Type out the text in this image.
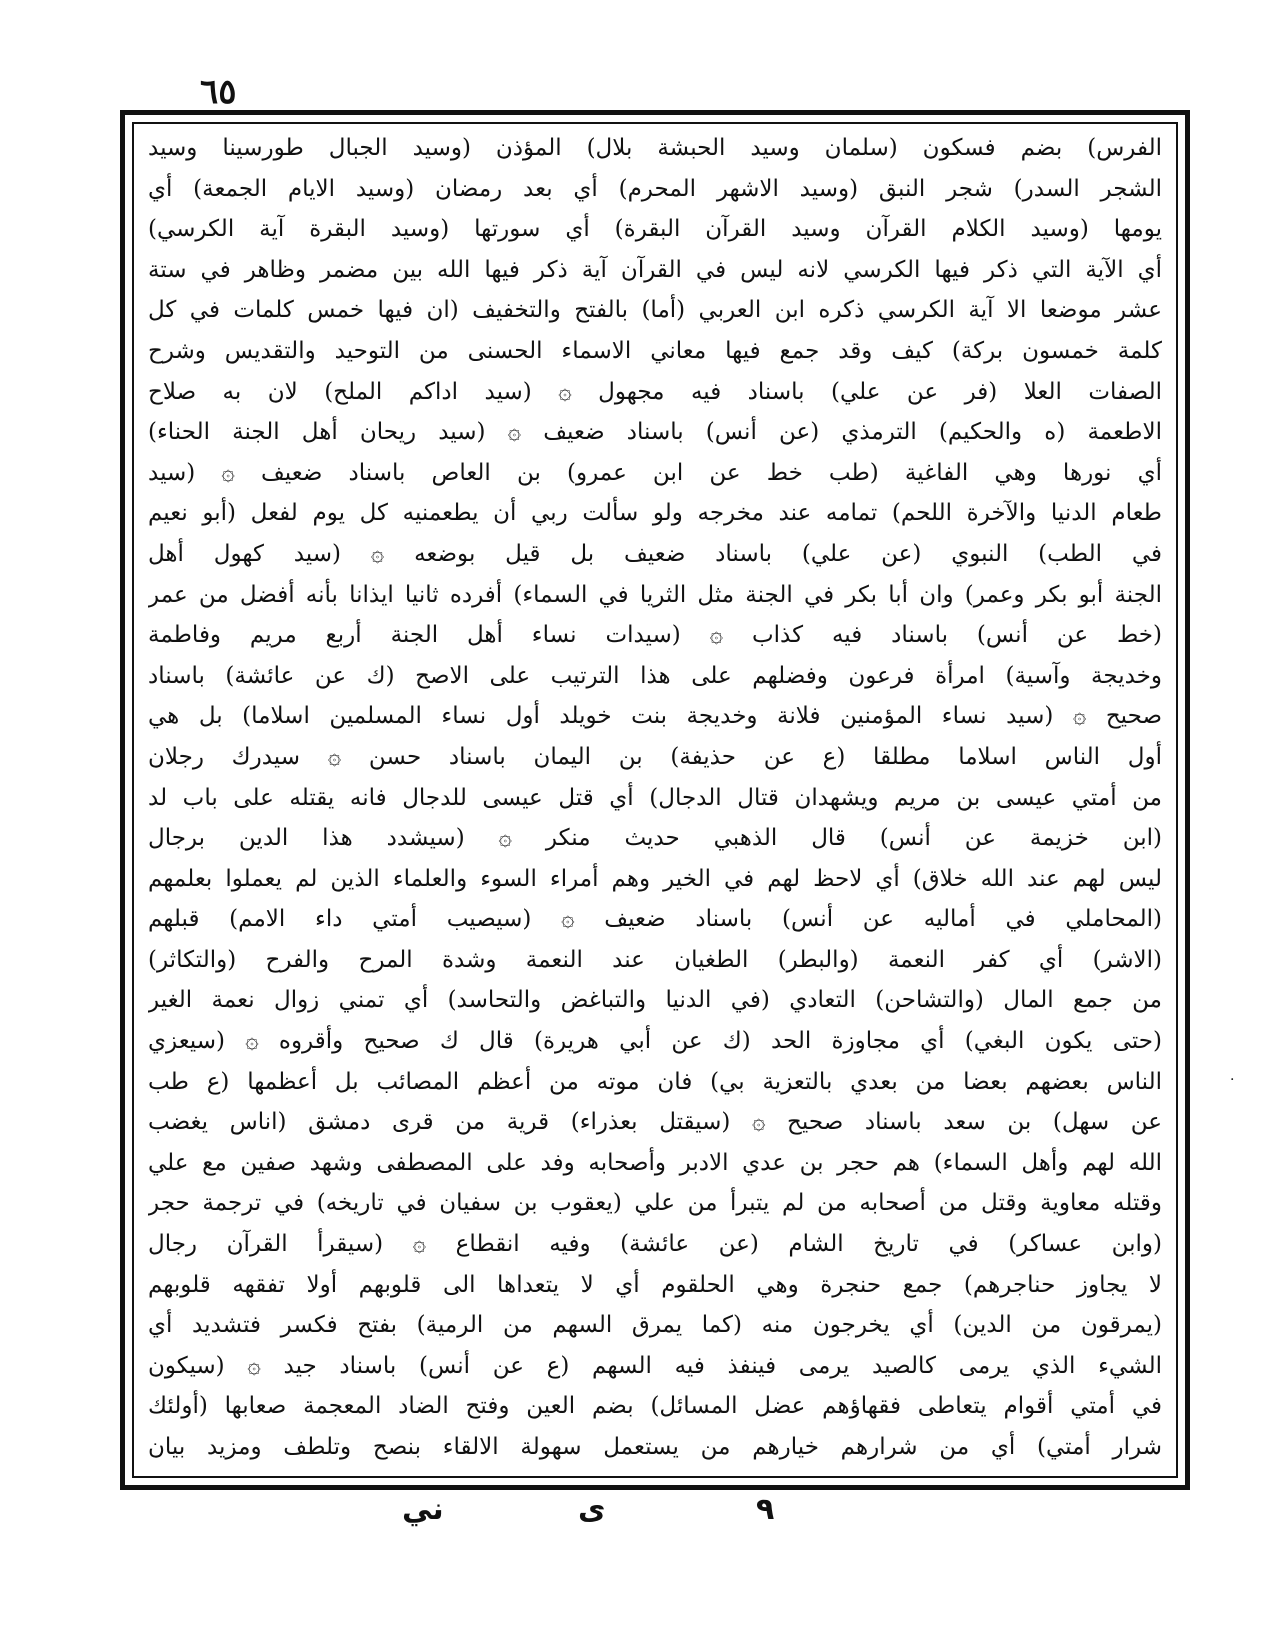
٦٥
الفرس) بضم فسكون (سلمان وسيد الحبشة بلال) المؤذن (وسيد الجبال طورسينا وسيد
الشجر السدر) شجر النبق (وسيد الاشهر المحرم) أي بعد رمضان (وسيد الايام الجمعة) أي
يومها (وسيد الكلام القرآن وسيد القرآن البقرة) أي سورتها (وسيد البقرة آية الكرسي)
أي الآية التي ذكر فيها الكرسي لانه ليس في القرآن آية ذكر فيها الله بين مضمر وظاهر في ستة
عشر موضعا الا آية الكرسي ذكره ابن العربي (أما) بالفتح والتخفيف (ان فيها خمس كلمات في كل
كلمة خمسون بركة) كيف وقد جمع فيها معاني الاسماء الحسنى من التوحيد والتقديس وشرح
الصفات العلا (فر عن علي) باسناد فيه مجهول ۞ (سيد اداكم الملح) لان به صلاح
الاطعمة (ه والحكيم) الترمذي (عن أنس) باسناد ضعيف ۞ (سيد ريحان أهل الجنة الحناء)
أي نورها وهي الفاغية (طب خط عن ابن عمرو) بن العاص باسناد ضعيف ۞ (سيد
طعام الدنيا والآخرة اللحم) تمامه عند مخرجه ولو سألت ربي أن يطعمنيه كل يوم لفعل (أبو نعيم
في الطب) النبوي (عن علي) باسناد ضعيف بل قيل بوضعه ۞ (سيد كهول أهل
الجنة أبو بكر وعمر) وان أبا بكر في الجنة مثل الثريا في السماء) أفرده ثانيا ايذانا بأنه أفضل من عمر
(خط عن أنس) باسناد فيه كذاب ۞ (سيدات نساء أهل الجنة أربع مريم وفاطمة
وخديجة وآسية) امرأة فرعون وفضلهم على هذا الترتيب على الاصح (ك عن عائشة) باسناد
صحيح ۞ (سيد نساء المؤمنين فلانة وخديجة بنت خويلد أول نساء المسلمين اسلاما) بل هي
أول الناس اسلاما مطلقا (ع عن حذيفة) بن اليمان باسناد حسن ۞ سيدرك رجلان
من أمتي عيسى بن مريم ويشهدان قتال الدجال) أي قتل عيسى للدجال فانه يقتله على باب لد
(ابن خزيمة عن أنس) قال الذهبي حديث منكر ۞ (سيشدد هذا الدين برجال
ليس لهم عند الله خلاق) أي لاحظ لهم في الخير وهم أمراء السوء والعلماء الذين لم يعملوا بعلمهم
(المحاملي في أماليه عن أنس) باسناد ضعيف ۞ (سيصيب أمتي داء الامم) قبلهم
(الاشر) أي كفر النعمة (والبطر) الطغيان عند النعمة وشدة المرح والفرح (والتكاثر)
من جمع المال (والتشاحن) التعادي (في الدنيا والتباغض والتحاسد) أي تمني زوال نعمة الغير
(حتى يكون البغي) أي مجاوزة الحد (ك عن أبي هريرة) قال ك صحيح وأقروه ۞ (سيعزي
الناس بعضهم بعضا من بعدي بالتعزية بي) فان موته من أعظم المصائب بل أعظمها (ع طب
عن سهل) بن سعد باسناد صحيح ۞ (سيقتل بعذراء) قرية من قرى دمشق (اناس يغضب
الله لهم وأهل السماء) هم حجر بن عدي الادبر وأصحابه وفد على المصطفى وشهد صفين مع علي
وقتله معاوية وقتل من أصحابه من لم يتبرأ من علي (يعقوب بن سفيان في تاريخه) في ترجمة حجر
(وابن عساكر) في تاريخ الشام (عن عائشة) وفيه انقطاع ۞ (سيقرأ القرآن رجال
لا يجاوز حناجرهم) جمع حنجرة وهي الحلقوم أي لا يتعداها الى قلوبهم أولا تفقهه قلوبهم
(يمرقون من الدين) أي يخرجون منه (كما يمرق السهم من الرمية) بفتح فكسر فتشديد أي
الشيء الذي يرمى كالصيد يرمى فينفذ فيه السهم (ع عن أنس) باسناد جيد ۞ (سيكون
في أمتي أقوام يتعاطى فقهاؤهم عضل المسائل) بضم العين وفتح الضاد المعجمة صعابها (أولئك
شرار أمتي) أي من شرارهم خيارهم من يستعمل سهولة الالقاء بنصح وتلطف ومزيد بيان
٩
ى
ني
·
